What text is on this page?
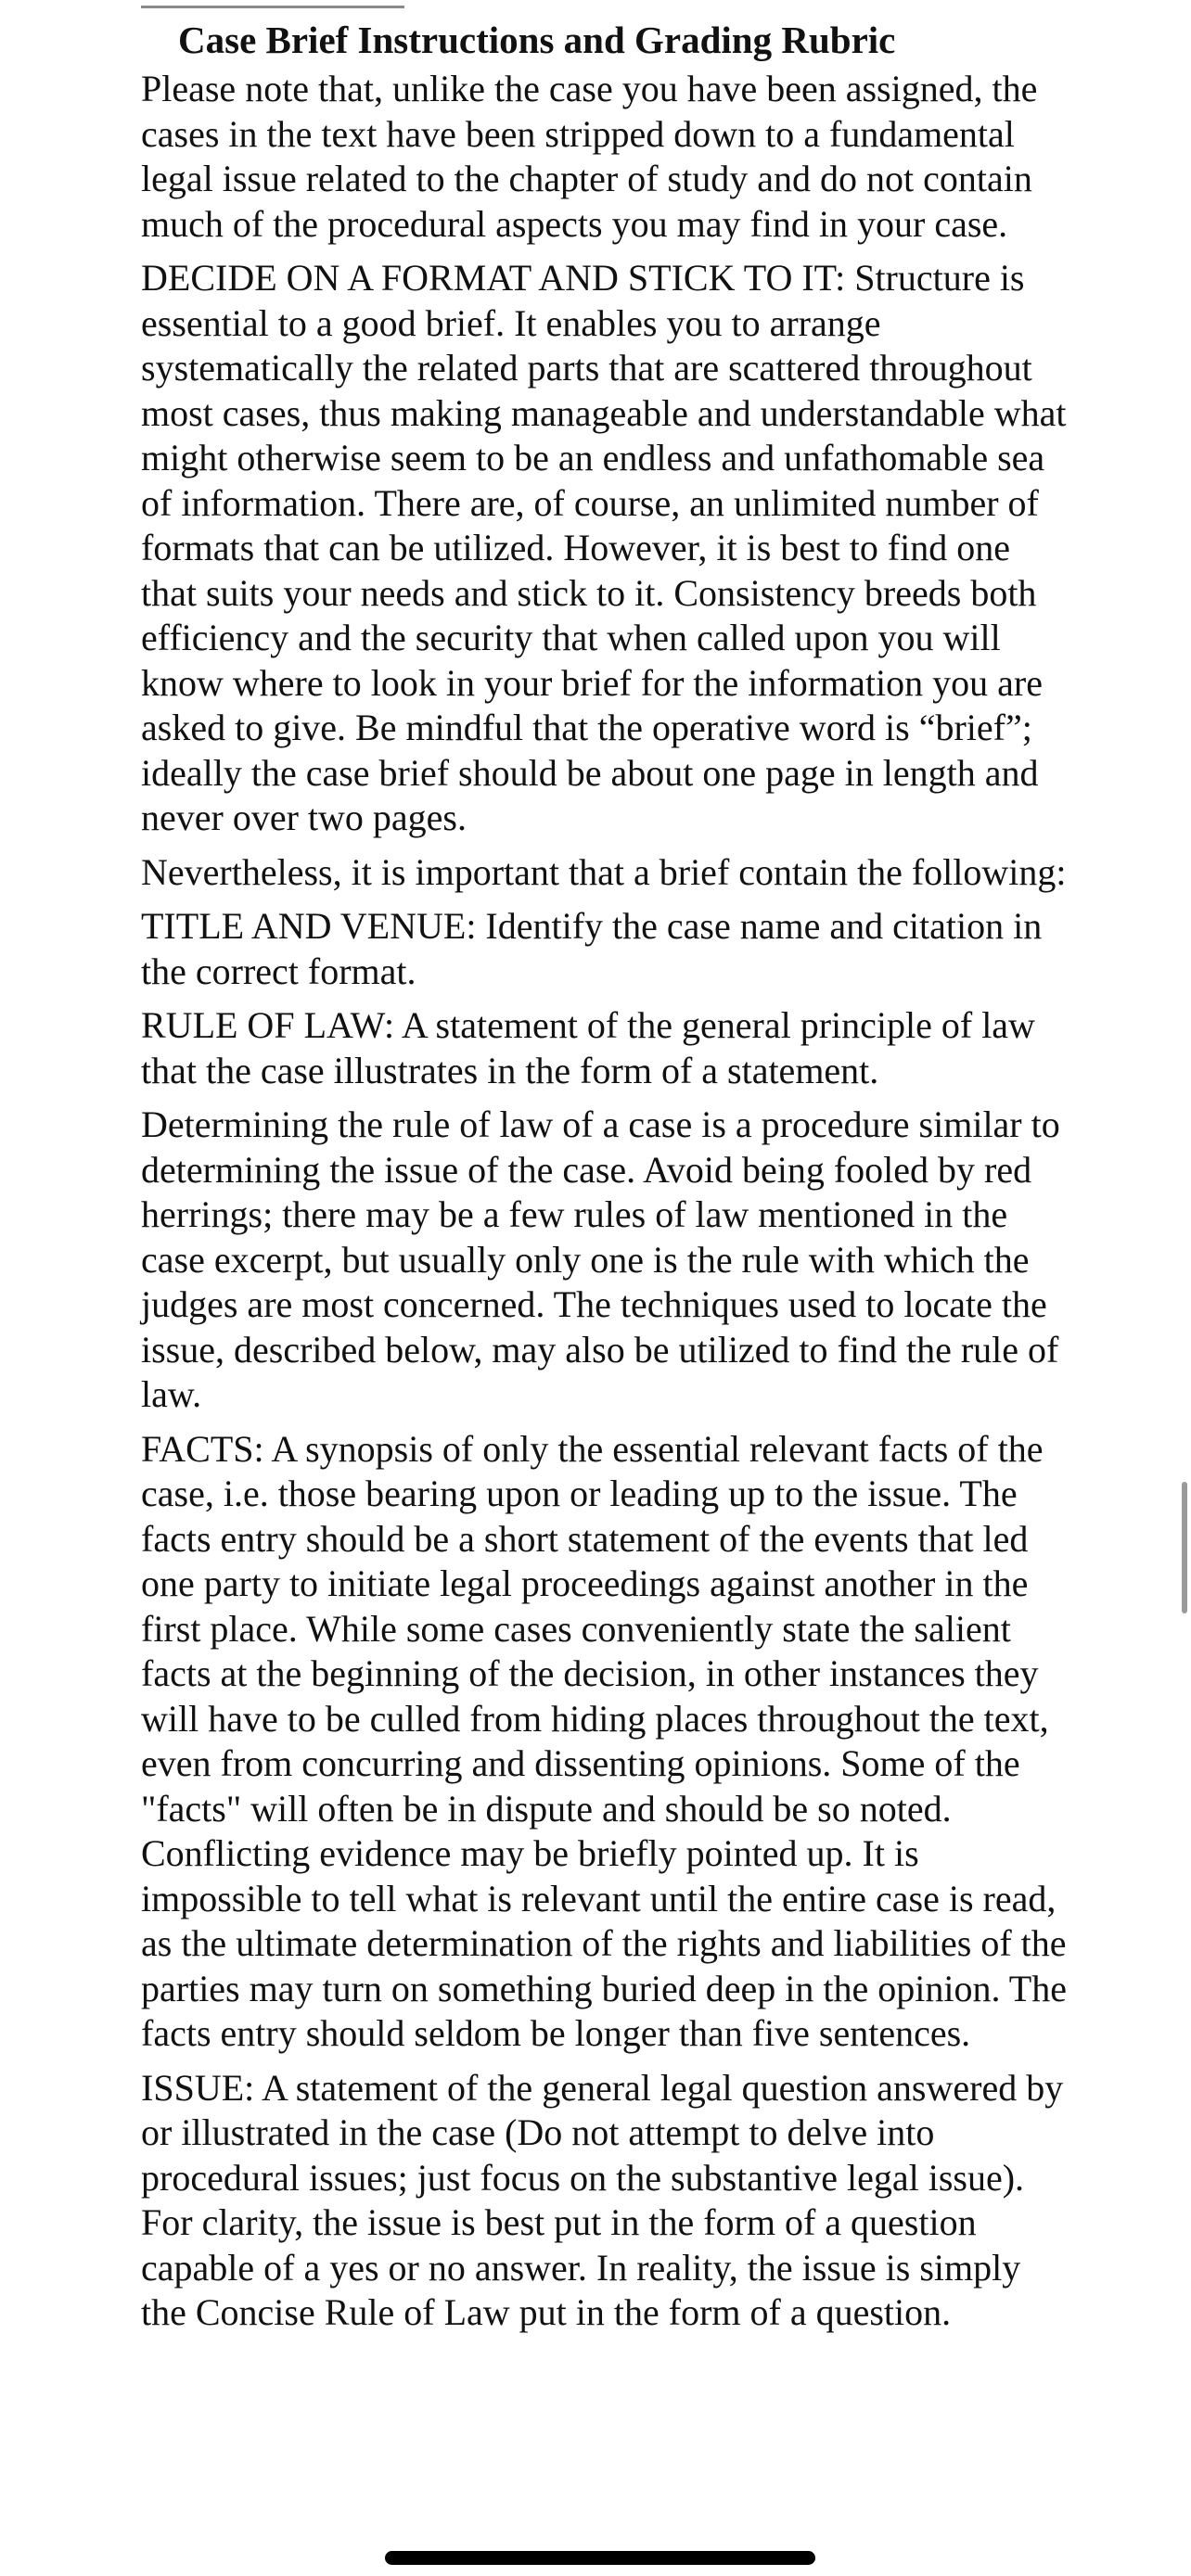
Case Brief Instructions and Grading Rubric

Please note that, unlike the case you have been assigned, the cases in the text have been stripped down to a fundamental legal issue related to the chapter of study and do not contain much of the procedural aspects you may find in your case.

DECIDE ON A FORMAT AND STICK TO IT: Structure is essential to a good brief. It enables you to arrange systematically the related parts that are scattered throughout most cases, thus making manageable and understandable what might otherwise seem to be an endless and unfathomable sea of information. There are, of course, an unlimited number of formats that can be utilized. However, it is best to find one that suits your needs and stick to it. Consistency breeds both efficiency and the security that when called upon you will know where to look in your brief for the information you are asked to give. Be mindful that the operative word is “brief”; ideally the case brief should be about one page in length and never over two pages.

Nevertheless, it is important that a brief contain the following:

TITLE AND VENUE: Identify the case name and citation in the correct format.

RULE OF LAW: A statement of the general principle of law that the case illustrates in the form of a statement.

Determining the rule of law of a case is a procedure similar to determining the issue of the case. Avoid being fooled by red herrings; there may be a few rules of law mentioned in the case excerpt, but usually only one is the rule with which the judges are most concerned. The techniques used to locate the issue, described below, may also be utilized to find the rule of law.

FACTS: A synopsis of only the essential relevant facts of the case, i.e. those bearing upon or leading up to the issue. The facts entry should be a short statement of the events that led one party to initiate legal proceedings against another in the first place. While some cases conveniently state the salient facts at the beginning of the decision, in other instances they will have to be culled from hiding places throughout the text, even from concurring and dissenting opinions. Some of the "facts" will often be in dispute and should be so noted. Conflicting evidence may be briefly pointed up. It is impossible to tell what is relevant until the entire case is read, as the ultimate determination of the rights and liabilities of the parties may turn on something buried deep in the opinion. The facts entry should seldom be longer than five sentences.

ISSUE: A statement of the general legal question answered by or illustrated in the case (Do not attempt to delve into procedural issues; just focus on the substantive legal issue). For clarity, the issue is best put in the form of a question capable of a yes or no answer. In reality, the issue is simply the Concise Rule of Law put in the form of a question.
